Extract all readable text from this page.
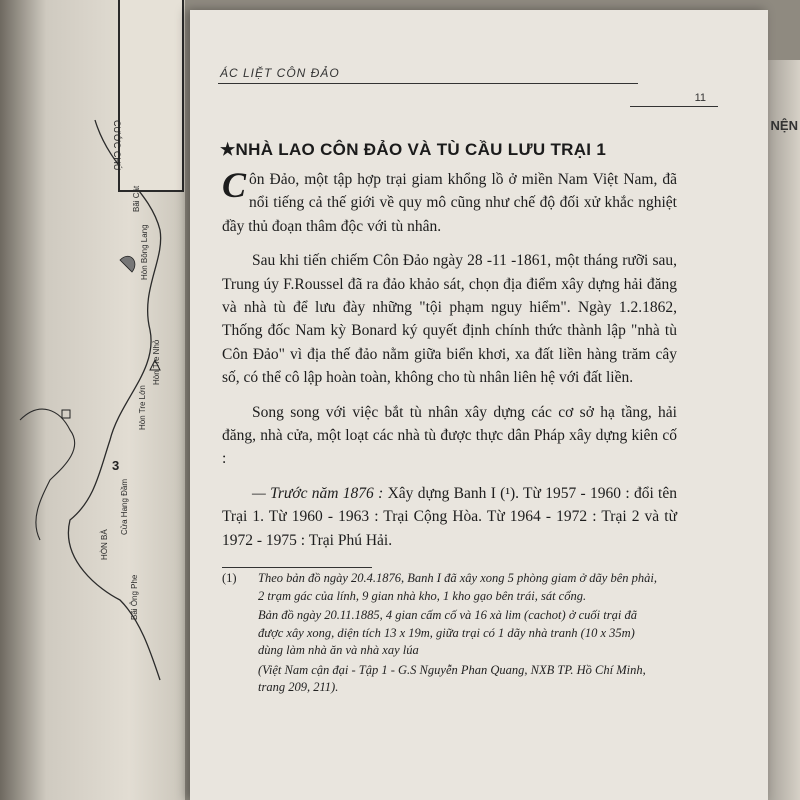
3
CƯỚC CHÚ
Bãi Cát
Hòn Bông Lang
Hòn Tre Nhỏ
Hòn Tre Lớn
Cửa Hang Đầm
HÒN BÀ
Bãi Ông Phe
NỆN
ÁC LIỆT CÔN ĐẢO
11
★NHÀ LAO CÔN ĐẢO VÀ TÙ CẦU LƯU TRẠI 1

Côn Đảo, một tập hợp trại giam khổng lồ ở miền Nam Việt Nam, đã nổi tiếng cả thế giới về quy mô cũng như chế độ đối xử khắc nghiệt đầy thủ đoạn thâm độc với tù nhân.

Sau khi tiến chiếm Côn Đảo ngày 28 -11 -1861, một tháng rưỡi sau, Trung úy F.Roussel đã ra đảo khảo sát, chọn địa điểm xây dựng hải đăng và nhà tù để lưu đày những "tội phạm nguy hiểm". Ngày 1.2.1862, Thống đốc Nam kỳ Bonard ký quyết định chính thức thành lập "nhà tù Côn Đảo" vì địa thế đảo nằm giữa biển khơi, xa đất liền hàng trăm cây số, có thể cô lập hoàn toàn, không cho tù nhân liên hệ với đất liền.

Song song với việc bắt tù nhân xây dựng các cơ sở hạ tầng, hải đăng, nhà cửa, một loạt các nhà tù được thực dân Pháp xây dựng kiên cố :

— Trước năm 1876 : Xây dựng Banh I (¹). Từ 1957 - 1960 : đổi tên Trại 1. Từ 1960 - 1963 : Trại Cộng Hòa. Từ 1964 - 1972 : Trại 2 và từ 1972 - 1975 : Trại Phú Hải.

(1)	Theo bản đồ ngày 20.4.1876, Banh I đã xây xong 5 phòng giam ở dãy bên phải, 2 trạm gác của lính, 9 gian nhà kho, 1 kho gạo bên trái, sát cổng.

Bản đồ ngày 20.11.1885, 4 gian cấm cố và 16 xà lim (cachot) ở cuối trại đã được xây xong, diện tích 13 x 19m, giữa trại có 1 dãy nhà tranh (10 x 35m) dùng làm nhà ăn và nhà xay lúa

(Việt Nam cận đại - Tập 1 - G.S Nguyễn Phan Quang, NXB TP. Hồ Chí Minh, trang 209, 211).
